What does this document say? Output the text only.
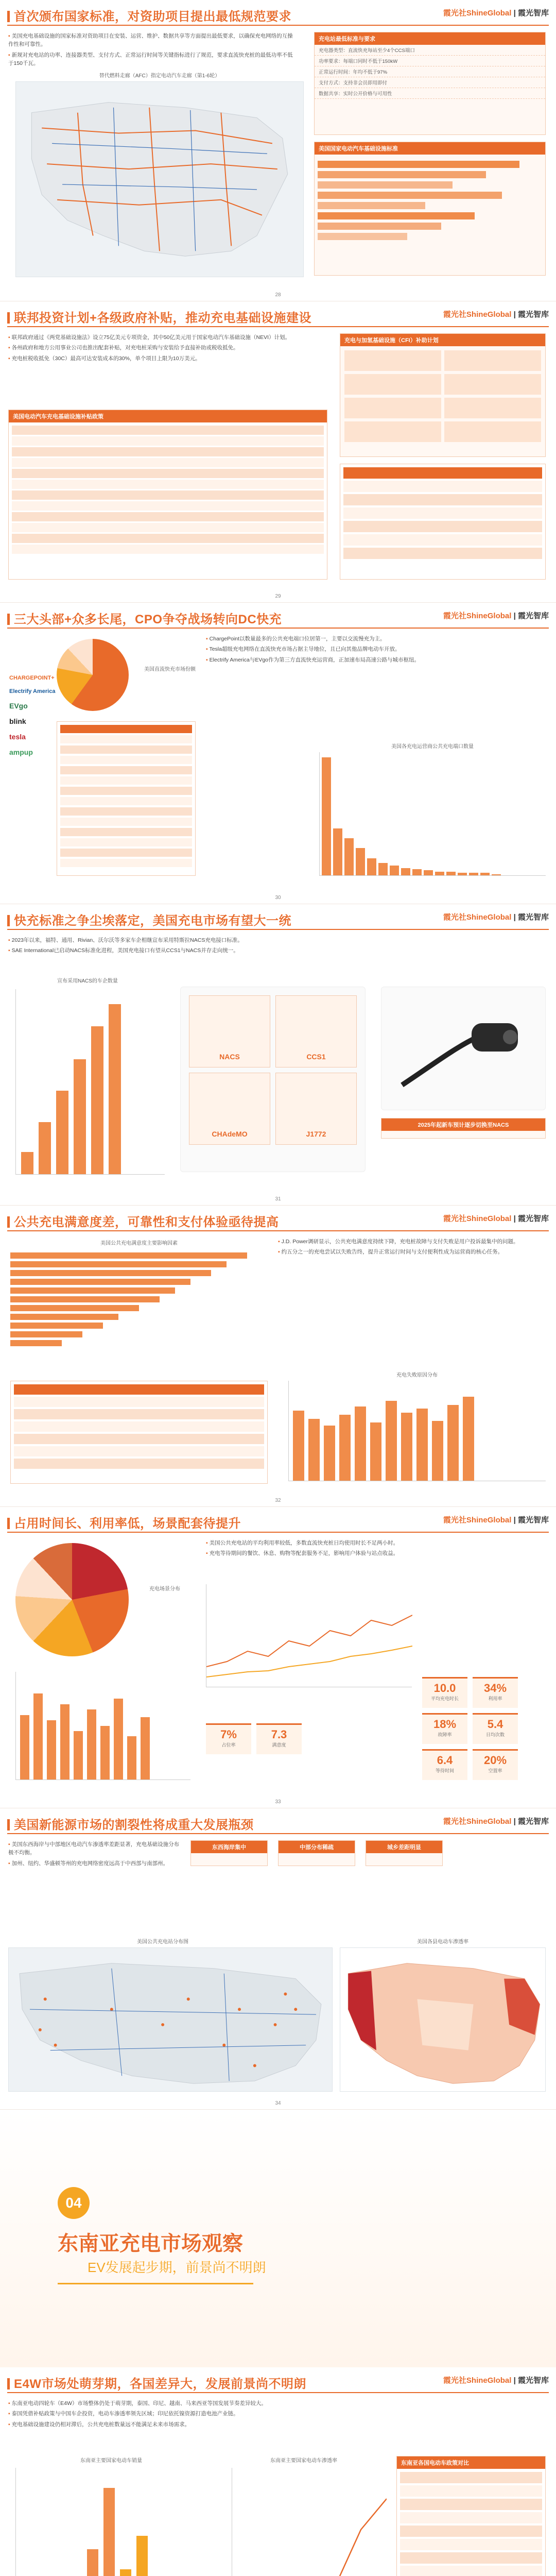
首次颁布国家标准，对资助项目提出最低规范要求	霞光社ShineGlobal | 霞光智库

▪ 美国充电基础设施的国家标准对资助项目在安装、运营、维护、数据共享等方面提出最低要求，以确保充电网络的互操作性和可靠性。

▪ 新规对充电站的功率、连接器类型、支付方式、正常运行时间等关键指标进行了规范，要求直流快充桩的最低功率不低于150千瓦。

替代燃料走廊（AFC）指定电动汽车走廊（第1-6轮）
充电站最低标准与要求
充电器类型：直流快充每站至少4个CCS端口
功率要求：每端口同时不低于150kW
正常运行时间：年均不低于97%
支付方式：支持非会员即用即付
数据共享：实时公开价格与可用性
美国国家电动汽车基础设施标准
28
联邦投资计划+各级政府补贴，推动充电基础设施建设	霞光社ShineGlobal | 霞光智库

▪ 联邦政府通过《两党基础设施法》设立75亿美元专项资金，其中50亿美元用于国家电动汽车基础设施（NEVI）计划。

▪ 各州政府和地方公用事业公司也推出配套补贴，对充电桩采购与安装给予直接补助或税收抵免。

▪ 充电桩税收抵免（30C）最高可达安装成本的30%，单个项目上限为10万美元。

充电与加氢基础设施（CFI）补助计划
美国电动汽车充电基础设施补贴政策
29
三大头部+众多长尾，CPO争夺战场转向DC快充	霞光社ShineGlobal | 霞光智库
CHARGEPOINT+
Electrify America
EVgo
blink
tesla
ampup
美国直流快充市场份额

▪ ChargePoint以数量最多的公共充电端口位居第一，主要以交流慢充为主。

▪ Tesla超级充电网络在直流快充市场占据主导地位，且已向其他品牌电动车开放。

▪ Electrify America与EVgo作为第三方直流快充运营商，正加速布局高速公路与城市枢纽。

美国各充电运营商公共充电端口数量
30
快充标准之争尘埃落定，美国充电市场有望大一统	霞光社ShineGlobal | 霞光智库

▪ 2023年以来，福特、通用、Rivian、沃尔沃等多家车企相继宣布采用特斯拉NACS充电接口标准。

▪ SAE International已启动NACS标准化进程，美国充电接口有望从CCS1与NACS并存走向统一。

宣布采用NACS的车企数量
NACS	CCS1
CHAdeMO	J1772
2025年起新车预计逐步切换至NACS
31
公共充电满意度差，可靠性和支付体验亟待提高	霞光社ShineGlobal | 霞光智库
美国公共充电满意度主要影响因素

▪	J.D. Power调研显示，公共充电满意度持续下降，充电桩故障与支付失败是用户投诉最集中的问题。

▪ 约五分之一的充电尝试以失败告终，提升正常运行时间与支付便利性成为运营商的核心任务。

充电失败原因分布
32
占用时间长、利用率低，场景配套待提升	霞光社ShineGlobal | 霞光智库
充电场景分布

▪ 美国公共充电站的平均利用率较低，多数直流快充桩日均使用时长不足两小时。

▪ 充电等待期间的餐饮、休息、购物等配套服务不足，影响用户体验与站点收益。

10.0
平均充电时长
34%
利用率
18%
故障率
5.4
日均次数
6.4
等待时间
20%
空置率
7%
占位率
7.3
满意度
33
美国新能源市场的割裂性将成重大发展瓶颈	霞光社ShineGlobal | 霞光智库

▪ 美国东西海岸与中部地区电动汽车渗透率差距显著，充电基础设施分布极不均衡。

▪ 加州、纽约、华盛顿等州的充电网络密度远高于中西部与南部州。

东西海岸集中	中部分布稀疏	城乡差距明显
美国公共充电站分布图	美国各县电动车渗透率
34
04
东南亚充电市场观察
EV发展起步期，前景尚不明朗
E4W市场处萌芽期，各国差异大，发展前景尚不明朗	霞光社ShineGlobal | 霞光智库

▪ 东南亚电动四轮车（E4W）市场整体仍处于萌芽期，泰国、印尼、越南、马来西亚等国发展节奏差异较大。

▪ 泰国凭借补贴政策与中国车企投资，电动车渗透率领先区域；印尼依托镍资源打造电池产业链。

▪ 充电基础设施建设仍相对滞后，公共充电桩数量远不能满足未来市场需求。

东南亚主要国家电动车销量	东南亚主要国家电动车渗透率	东南亚各国电动车政策对比
